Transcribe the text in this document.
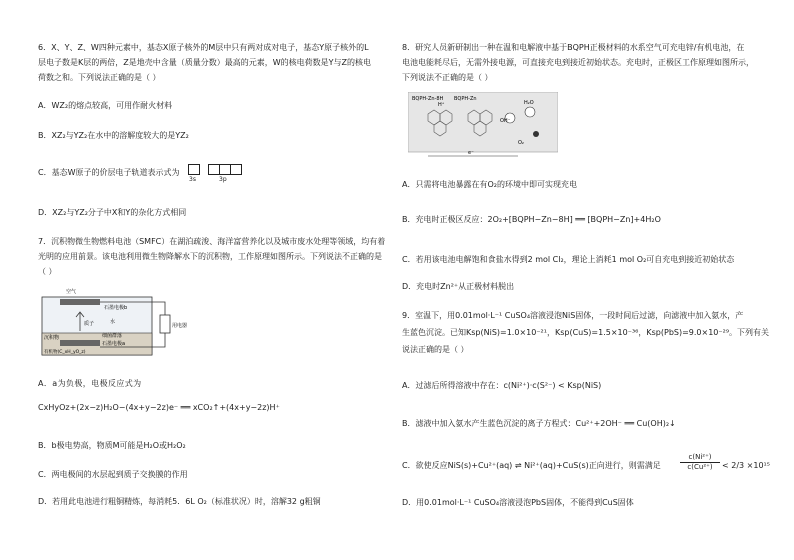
6．X、Y、Z、W四种元素中，基态X原子核外的M层中只有两对成对电子，基态Y原子核外的L
层电子数是K层的两倍，Z是地壳中含量（质量分数）最高的元素，W的核电荷数是Y与Z的核电
荷数之和。下列说法正确的是（ ）
A．WZ₂的熔点较高，可用作耐火材料
B．XZ₂与YZ₂在水中的溶解度较大的是YZ₂
C．基态W原子的价层电子轨道表示式为
3s	3p
D．XZ₂与YZ₂分子中X和Y的杂化方式相同
7．沉积物微生物燃料电池（SMFC）在湖泊疏浚、海洋富营养化以及城市废水处理等领域，均有着
光明的应用前景。该电池利用微生物降解水下的沉积物，工作原理如图所示。下列说法不正确的是
（ ）
空气
石墨电极b
用电器
水
质子
沉积物	细菌群落
有机物(C_xH_yO_z)
石墨电极a
A．a为负极，电极反应式为
CxHyOz+(2x−z)H₂O−(4x+y−2z)e⁻ ══ xCO₂↑+(4x+y−2z)H⁺
B．b极电势高，物质M可能是H₂O或H₂O₂
C．两电极间的水层起到质子交换膜的作用
D．若用此电池进行粗铜精炼，每消耗5．6L O₂（标准状况）时，溶解32 g粗铜
8．研究人员新研制出一种在温和电解液中基于BQPH正极材料的水系空气可充电锌/有机电池，在
电池电能耗尽后，无需外接电源，可直接充电到接近初始状态。充电时，正极区工作原理如图所示，
下列说法不正确的是（ ）
BQPH-Zn-8H BQPH-Zn
H⁺
OH⁻
H₂O
O₂
e⁻
A．只需将电池暴露在有O₂的环境中即可实现充电
B．充电时正极区反应：2O₂+[BQPH−Zn−8H] ══ [BQPH−Zn]+4H₂O
C．若用该电池电解饱和食盐水得到2 mol Cl₂，理论上消耗1 mol O₂可自充电到接近初始状态
D．充电时Zn²⁺从正极材料脱出
9．室温下，用0.01mol·L⁻¹ CuSO₄溶液浸泡NiS固体，一段时间后过滤，向滤液中加入氨水，产
生蓝色沉淀。已知Ksp(NiS)=1.0×10⁻²¹，Ksp(CuS)=1.5×10⁻³⁶，Ksp(PbS)=9.0×10⁻²⁹。下列有关
说法正确的是（ ）
A．过滤后所得溶液中存在：c(Ni²⁺)·c(S²⁻) < Ksp(NiS)
B．滤液中加入氨水产生蓝色沉淀的离子方程式：Cu²⁺+2OH⁻ ══ Cu(OH)₂↓
C．欲使反应NiS(s)+Cu²⁺(aq) ⇌ Ni²⁺(aq)+CuS(s)正向进行，则需满足	$\frac{\text{c(Ni²⁺)}}{\text{c(Cu²⁺)}} < 2/3 \times 10^{15}$
D．用0.01mol·L⁻¹ CuSO₄溶液浸泡PbS固体，不能得到CuS固体
